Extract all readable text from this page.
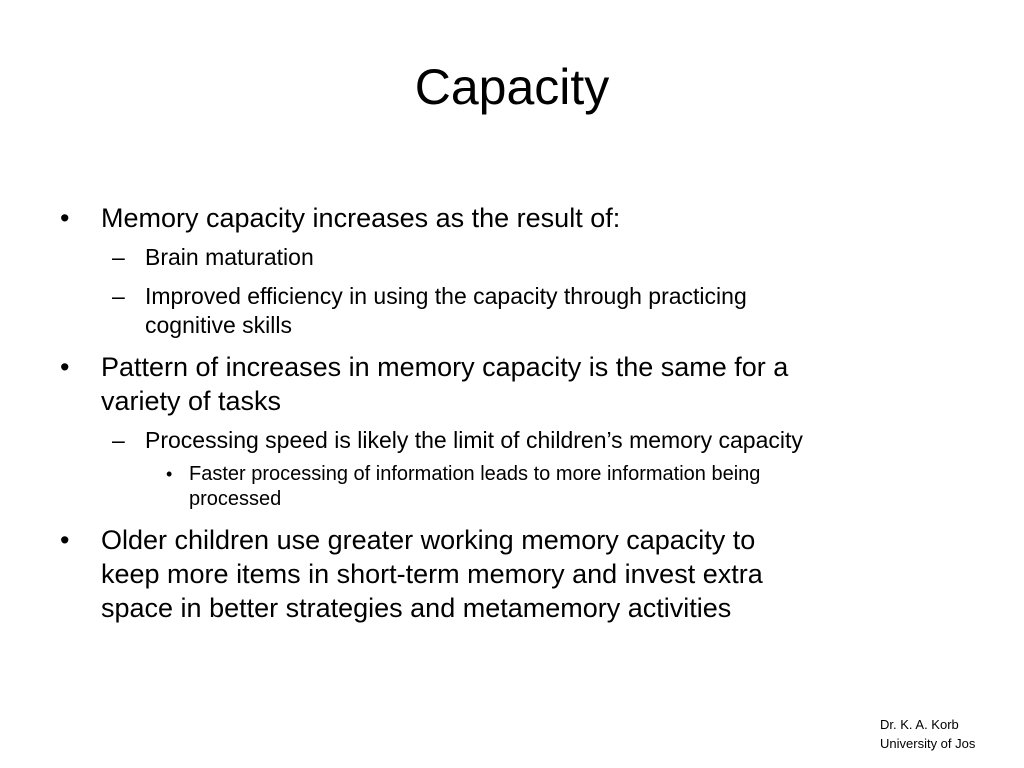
Capacity
• Memory capacity increases as the result of:
– Brain maturation
– Improved efficiency in using the capacity through practicing
cognitive skills
• Pattern of increases in memory capacity is the same for a
variety of tasks
– Processing speed is likely the limit of children’s memory capacity
• Faster processing of information leads to more information being
processed
• Older children use greater working memory capacity to
keep more items in short-term memory and invest extra
space in better strategies and metamemory activities
Dr. K. A. Korb
University of Jos
